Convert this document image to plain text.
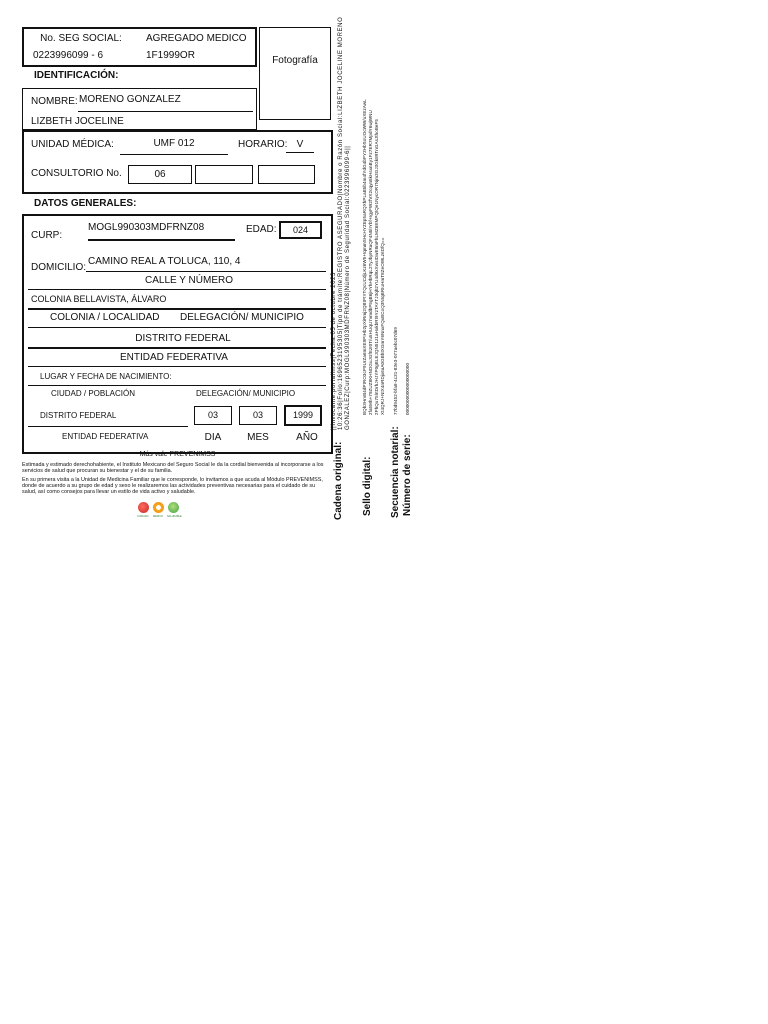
No. SEG SOCIAL:
0223996099 - 6
AGREGADO MEDICO
1F1999OR	Fotografía
IDENTIFICACIÓN:
NOMBRE: MORENO GONZALEZ
LIZBETH JOCELINE
UNIDAD MÉDICA:	UMF 012	HORARIO: V
CONSULTORIO No.	06
DATOS GENERALES:
CURP:
MOGL990303MDFRNZ08	EDAD:	024
DOMICILIO:
CAMINO REAL A TOLUCA, 110, 4
CALLE Y NÚMERO
COLONIA BELLAVISTA, ÁLVARO
COLONIA / LOCALIDAD DELEGACIÓN/ MUNICIPIO
DISTRITO FEDERAL
ENTIDAD FEDERATIVA
LUGAR Y FECHA DE NACIMIENTO:
CIUDAD / POBLACIÓN	DELEGACIÓN/ MUNICIPIO
DISTRITO FEDERAL
ENTIDAD FEDERATIVA
03	03	1999
DIA	MES	AÑO
Más vale PREVENIMSS
Estimada y estimado derechohabiente, el Instituto Mexicano del Seguro Social le da la cordial bienvenida al incorporarse a los servicios de salud que procuran su bienestar y el de su familia.
En su primera visita a la Unidad de Medicina Familiar que le corresponde, lo invitamos a que acuda al Módulo PREVENIMSS, donde de acuerdo a su grupo de edad y sexo le realizaremos las actividades preventivas necesarias para el cuidado de su salud, así como consejos para llevar un estilo de vida activo y saludable.
CUIDADO MEDICO SALUDABLE	Cadena original:
||Invocante:portalimss|Fecha:05 de octubre 2023 10:26:36|Folio:1696523195305|Tipo de trámite:REGISTRO ASEGURADO|Nombre o Razón Social:LIZBETH JOCELINE MORENO GONZALEZ|Curp:MOGL990303MDFRNZ08|Número de Seguridad Social:0223996099-6||
Sello digital:
BQb3HrvB4dPtRO3cP9UrZa6mXE9PIHb2pXiRmj2QBtPtYTQcUCdjLKz6W5+tqmmSHcHYZEp5aRQXhPLaB5b4m4fYdG4bPY3HbSoUOcWW/uXEzAwL 2fa5Mh+79ZUZ8KHNDGuJGfEzI0T/u5HUqU7vmdbP5gB6jHYhHbRqL2TyJbpNRaQF4N5lIYbf+rgyFW2fVX2cqyn5kHsxnBy1Fz7ER7MpdY6wjWNU 2PhQu75lrtDrhJHJYP0gBLEJQN51z1aHxkbRt9YzTAYTJ3qh2YU4d9xXwsIDwE8mFhLMZ6EMPQtQe1NycOR7Njm3GJ3Gk89TnGAsJthoBeF5 Xt4QRJ+NtX4nRDjx6aA0GBhtXGmY6NnxFQxBCoQ3NIqBRIuHmT8ZeOWLz6DfQ==
Secuencia notarial:
77bd9452-bfa8-4c31-83e3-077aebc07d69
Número de serie:
00000000000000000000
